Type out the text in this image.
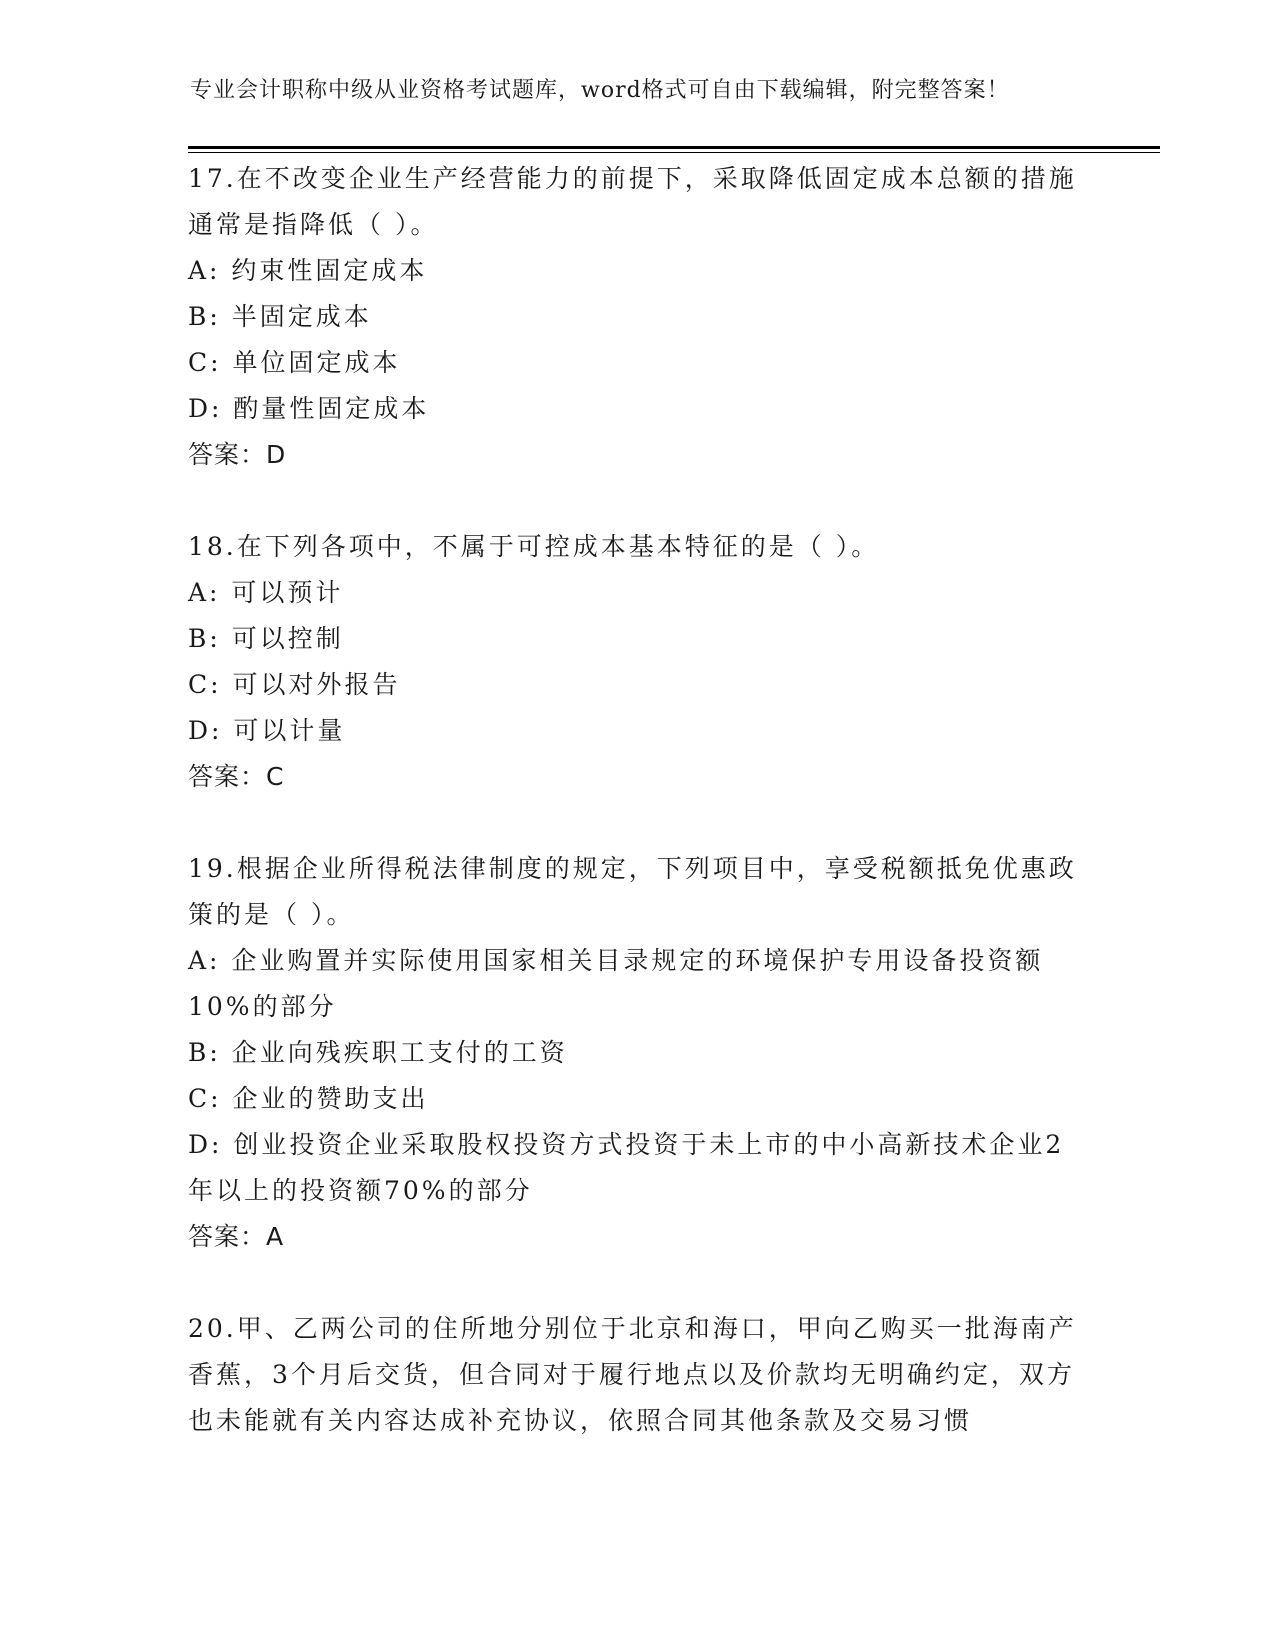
专业会计职称中级从业资格考试题库，word格式可自由下载编辑，附完整答案！

17.在不改变企业生产经营能力的前提下，采取降低固定成本总额的措施通常是指降低（ ）。

A: 约束性固定成本

B: 半固定成本

C: 单位固定成本

D: 酌量性固定成本

答案：D

18.在下列各项中，不属于可控成本基本特征的是（ ）。

A: 可以预计

B: 可以控制

C: 可以对外报告

D: 可以计量

答案：C

19.根据企业所得税法律制度的规定，下列项目中，享受税额抵免优惠政策的是（ ）。

A: 企业购置并实际使用国家相关目录规定的环境保护专用设备投资额10%的部分

B: 企业向残疾职工支付的工资

C: 企业的赞助支出

D: 创业投资企业采取股权投资方式投资于未上市的中小高新技术企业2年以上的投资额70%的部分

答案：A

20.甲、乙两公司的住所地分别位于北京和海口，甲向乙购买一批海南产香蕉，3个月后交货，但合同对于履行地点以及价款均无明确约定，双方也未能就有关内容达成补充协议，依照合同其他条款及交易习惯
